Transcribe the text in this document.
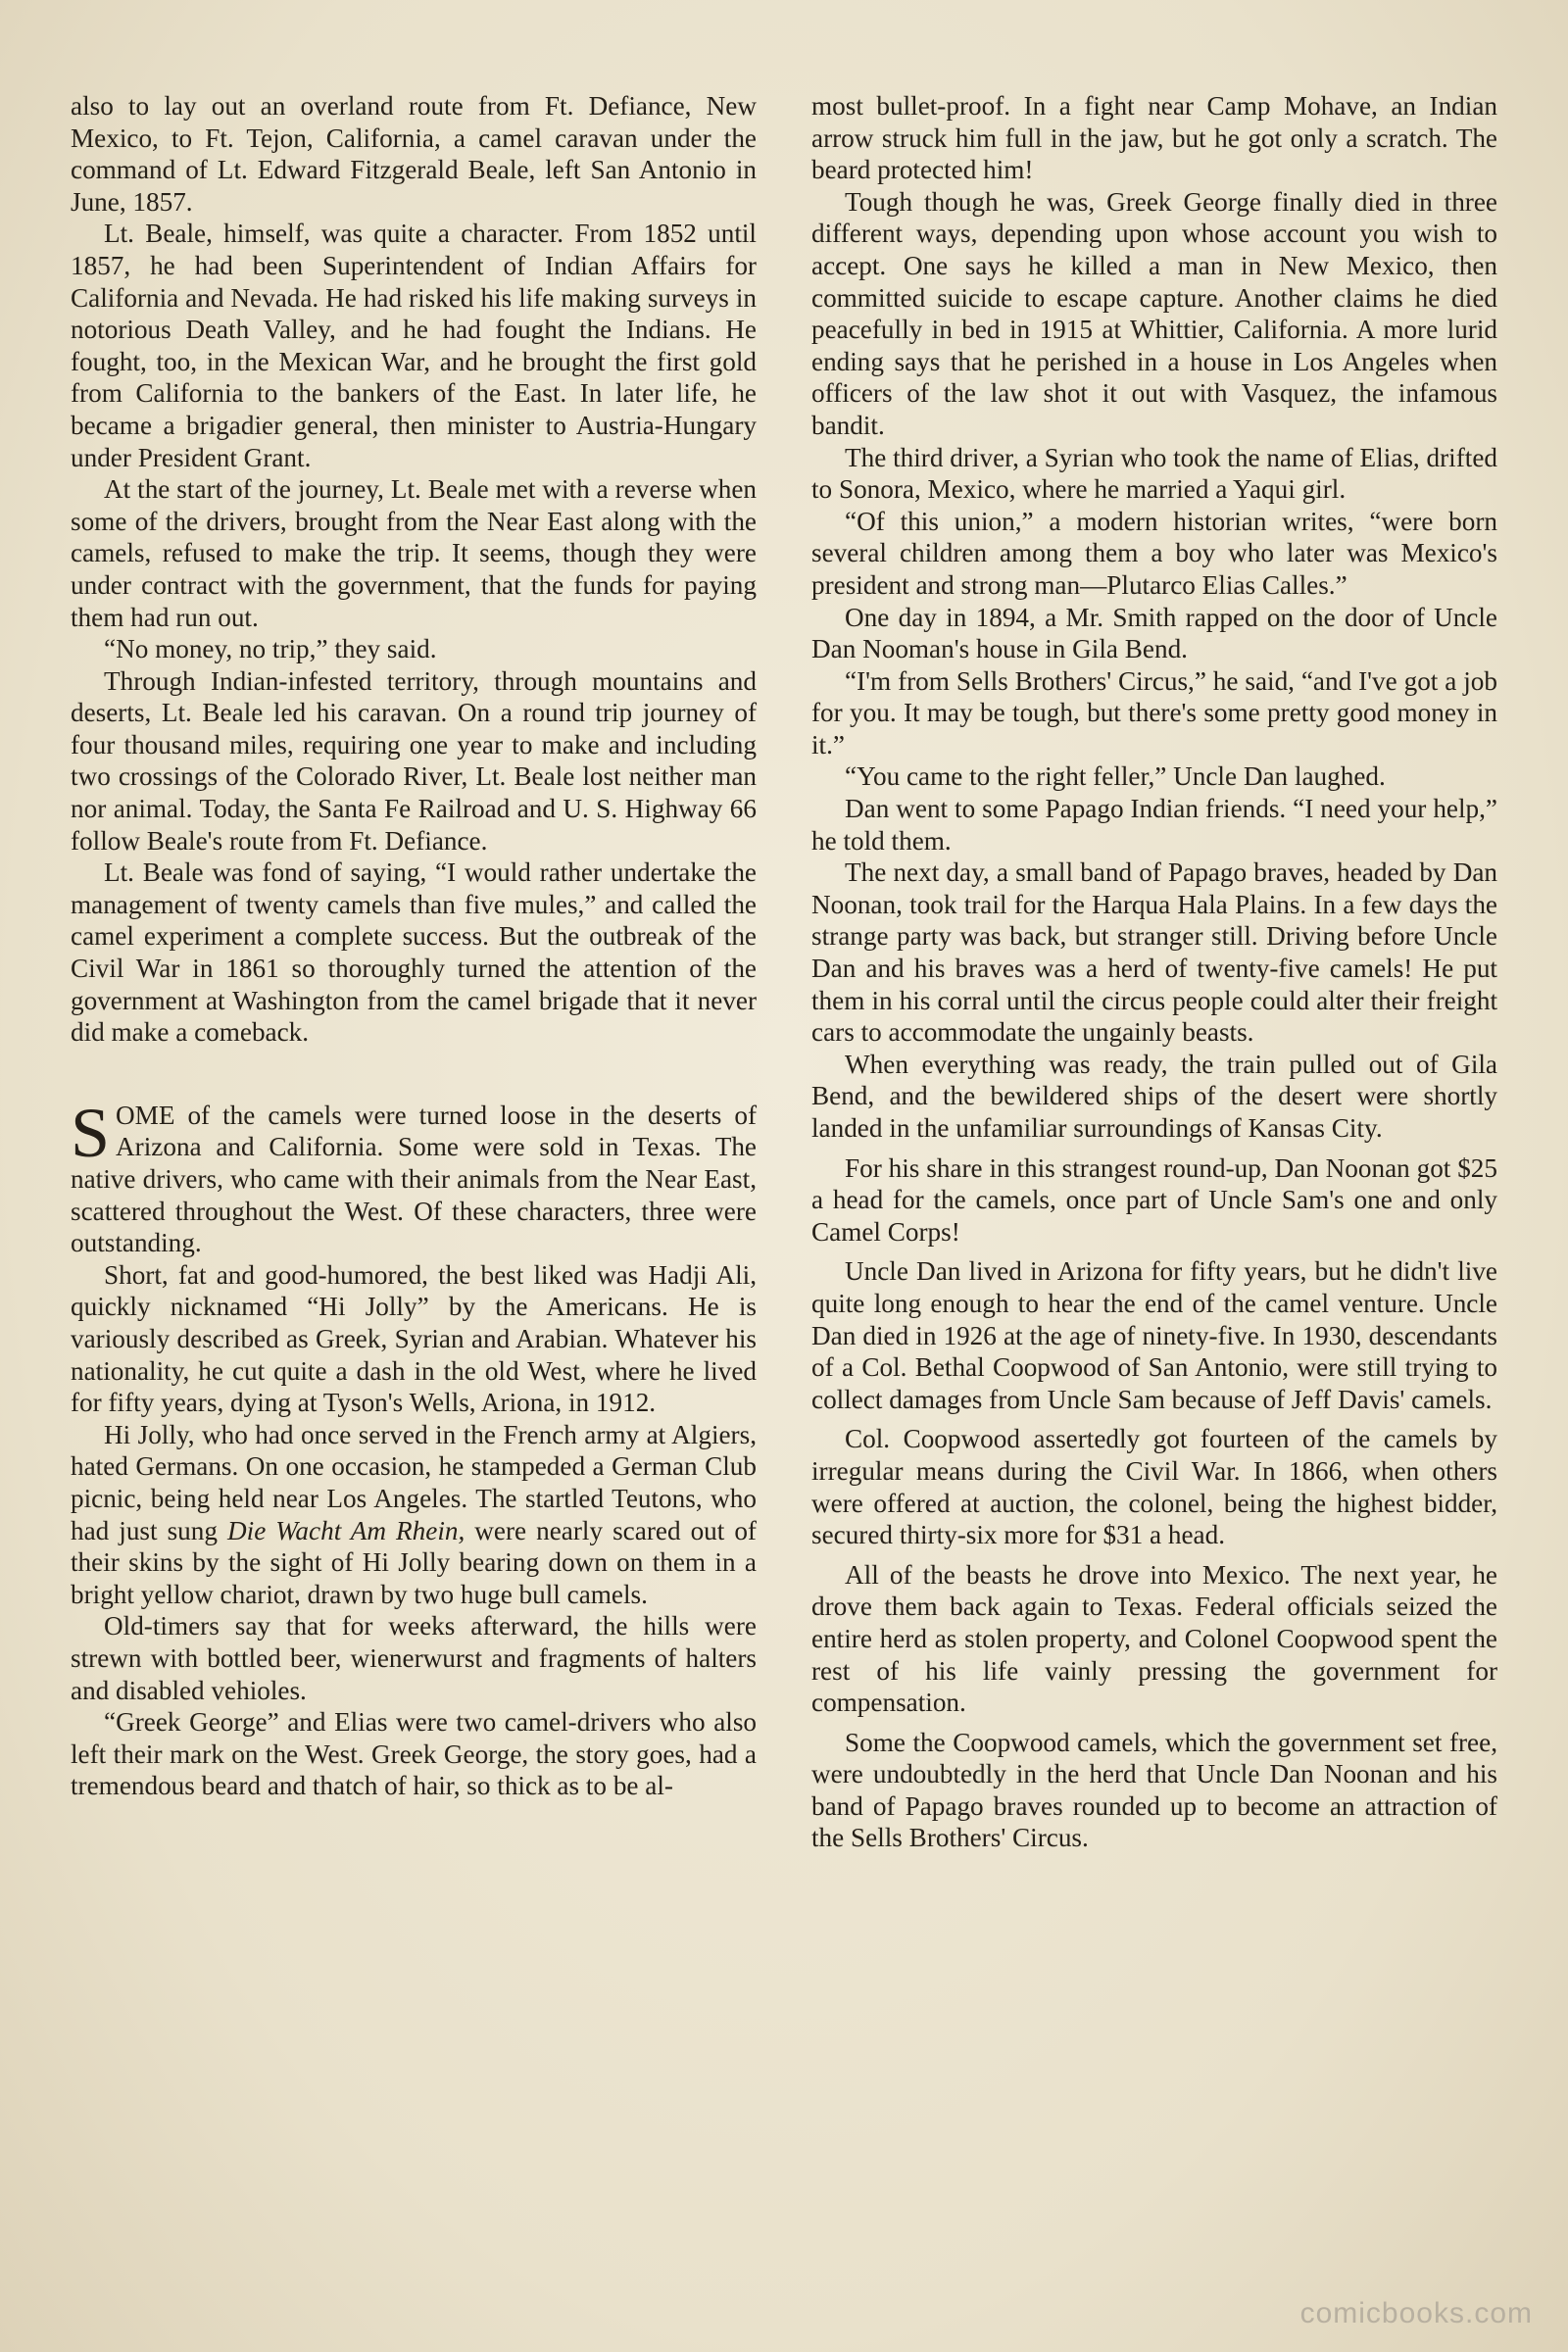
also to lay out an overland route from Ft. Defiance, New Mexico, to Ft. Tejon, California, a camel caravan under the command of Lt. Edward Fitzgerald Beale, left San Antonio in June, 1857.

Lt. Beale, himself, was quite a character. From 1852 until 1857, he had been Superintendent of Indian Affairs for California and Nevada. He had risked his life making surveys in notorious Death Valley, and he had fought the Indians. He fought, too, in the Mexican War, and he brought the first gold from California to the bankers of the East. In later life, he became a brigadier general, then minister to Austria-Hungary under President Grant.

At the start of the journey, Lt. Beale met with a reverse when some of the drivers, brought from the Near East along with the camels, refused to make the trip. It seems, though they were under contract with the government, that the funds for paying them had run out.

“No money, no trip,” they said.

Through Indian-infested territory, through mountains and deserts, Lt. Beale led his caravan. On a round trip journey of four thousand miles, requiring one year to make and including two crossings of the Colorado River, Lt. Beale lost neither man nor animal. Today, the Santa Fe Railroad and U. S. Highway 66 follow Beale's route from Ft. Defiance.

Lt. Beale was fond of saying, “I would rather undertake the management of twenty camels than five mules,” and called the camel experiment a complete success. But the outbreak of the Civil War in 1861 so thoroughly turned the attention of the government at Washington from the camel brigade that it never did make a comeback.

SOME of the camels were turned loose in the deserts of Arizona and California. Some were sold in Texas. The native drivers, who came with their animals from the Near East, scattered throughout the West. Of these characters, three were outstanding.

Short, fat and good-humored, the best liked was Hadji Ali, quickly nicknamed “Hi Jolly” by the Americans. He is variously described as Greek, Syrian and Arabian. Whatever his nationality, he cut quite a dash in the old West, where he lived for fifty years, dying at Tyson's Wells, Ariona, in 1912.

Hi Jolly, who had once served in the French army at Algiers, hated Germans. On one occasion, he stampeded a German Club picnic, being held near Los Angeles. The startled Teutons, who had just sung Die Wacht Am Rhein, were nearly scared out of their skins by the sight of Hi Jolly bearing down on them in a bright yellow chariot, drawn by two huge bull camels.

Old-timers say that for weeks afterward, the hills were strewn with bottled beer, wienerwurst and fragments of halters and disabled vehioles.

“Greek George” and Elias were two camel-drivers who also left their mark on the West. Greek George, the story goes, had a tremendous beard and thatch of hair, so thick as to be al-

most bullet-proof. In a fight near Camp Mohave, an Indian arrow struck him full in the jaw, but he got only a scratch. The beard protected him!

Tough though he was, Greek George finally died in three different ways, depending upon whose account you wish to accept. One says he killed a man in New Mexico, then committed suicide to escape capture. Another claims he died peacefully in bed in 1915 at Whittier, California. A more lurid ending says that he perished in a house in Los Angeles when officers of the law shot it out with Vasquez, the infamous bandit.

The third driver, a Syrian who took the name of Elias, drifted to Sonora, Mexico, where he married a Yaqui girl.

“Of this union,” a modern historian writes, “were born several children among them a boy who later was Mexico's president and strong man—Plutarco Elias Calles.”

One day in 1894, a Mr. Smith rapped on the door of Uncle Dan Nooman's house in Gila Bend.

“I'm from Sells Brothers' Circus,” he said, “and I've got a job for you. It may be tough, but there's some pretty good money in it.”

“You came to the right feller,” Uncle Dan laughed.

Dan went to some Papago Indian friends. “I need your help,” he told them.

The next day, a small band of Papago braves, headed by Dan Noonan, took trail for the Harqua Hala Plains. In a few days the strange party was back, but stranger still. Driving before Uncle Dan and his braves was a herd of twenty-five camels! He put them in his corral until the circus people could alter their freight cars to accommodate the ungainly beasts.

When everything was ready, the train pulled out of Gila Bend, and the bewildered ships of the desert were shortly landed in the unfamiliar surroundings of Kansas City.

For his share in this strangest round-up, Dan Noonan got $25 a head for the camels, once part of Uncle Sam's one and only Camel Corps!

Uncle Dan lived in Arizona for fifty years, but he didn't live quite long enough to hear the end of the camel venture. Uncle Dan died in 1926 at the age of ninety-five. In 1930, descendants of a Col. Bethal Coopwood of San Antonio, were still trying to collect damages from Uncle Sam because of Jeff Davis' camels.

Col. Coopwood assertedly got fourteen of the camels by irregular means during the Civil War. In 1866, when others were offered at auction, the colonel, being the highest bidder, secured thirty-six more for $31 a head.

All of the beasts he drove into Mexico. The next year, he drove them back again to Texas. Federal officials seized the entire herd as stolen property, and Colonel Coopwood spent the rest of his life vainly pressing the government for compensation.

Some the Coopwood camels, which the government set free, were undoubtedly in the herd that Uncle Dan Noonan and his band of Papago braves rounded up to become an attraction of the Sells Brothers' Circus.

comicbooks.com
